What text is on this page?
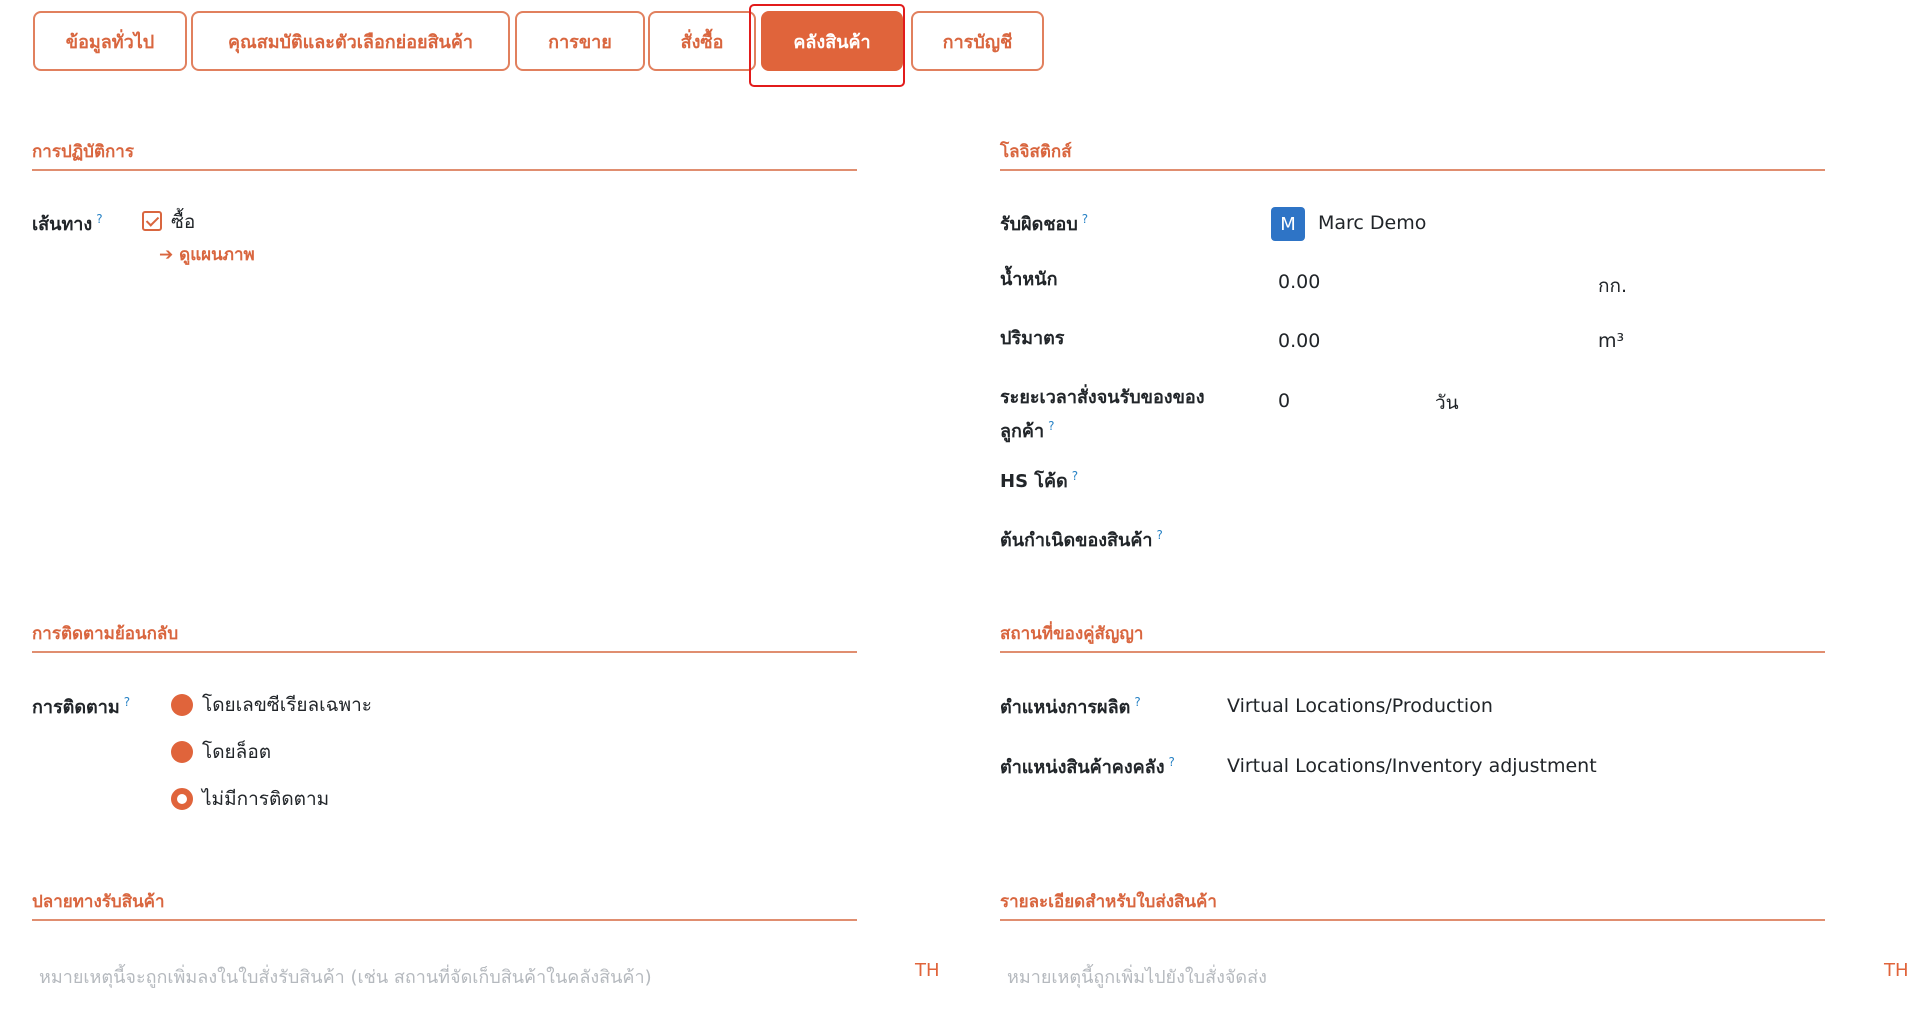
ข้อมูลทั่วไป	คุณสมบัติและตัวเลือกย่อยสินค้า	การขาย	สั่งซื้อ	คลังสินค้า	การบัญชี
การปฏิบัติการ
เส้นทาง ?	ซื้อ
➔ ดูแผนภาพ
โลจิสติกส์
รับผิดชอบ ?	M	Marc Demo
น้ำหนัก	0.00	กก.
ปริมาตร	0.00	m³
ระยะเวลาสั่งจนรับของของ
ลูกค้า ?
0	วัน
HS โค้ด ?
ต้นกำเนิดของสินค้า ?
การติดตามย้อนกลับ
การติดตาม ?	โดยเลขซีเรียลเฉพาะ
โดยล็อต
ไม่มีการติดตาม
สถานที่ของคู่สัญญา
ตำแหน่งการผลิต ?	Virtual Locations/Production
ตำแหน่งสินค้าคงคลัง ?	Virtual Locations/Inventory adjustment
ปลายทางรับสินค้า
หมายเหตุนี้จะถูกเพิ่มลงในใบสั่งรับสินค้า (เช่น สถานที่จัดเก็บสินค้าในคลังสินค้า)	TH
รายละเอียดสำหรับใบส่งสินค้า
หมายเหตุนี้ถูกเพิ่มไปยังใบสั่งจัดส่ง	TH
